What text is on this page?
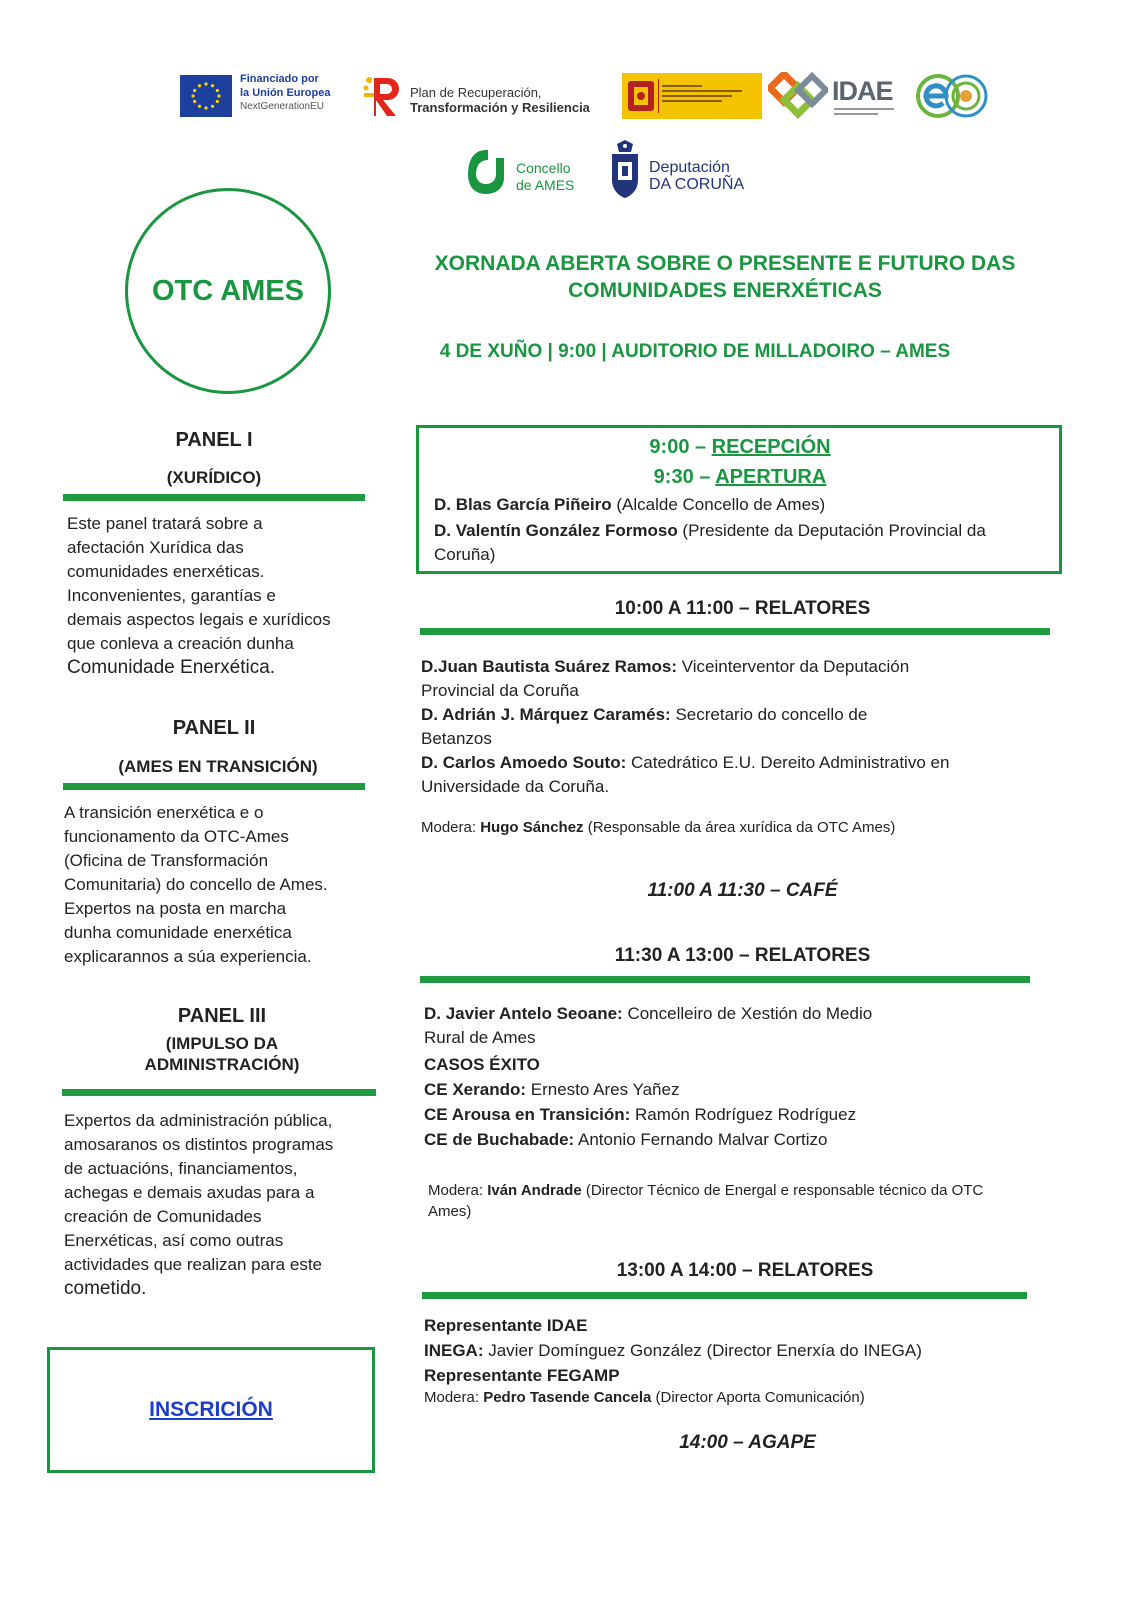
Financiado por
la Unión Europea
NextGenerationEU
Plan de Recuperación,
Transformación y Resiliencia
IDAE
Concello
de AMES
Deputación
DA CORUÑA
OTC AMES
XORNADA ABERTA SOBRE O PRESENTE E FUTURO DAS
COMUNIDADES ENERXÉTICAS
4 DE XUÑO | 9:00 | AUDITORIO DE MILLADOIRO – AMES
PANEL I
(XURÍDICO)

Este panel tratará sobre a

afectación Xurídica das

comunidades enerxéticas.

Inconvenientes, garantías e

demais aspectos legais e xurídicos

que conleva a creación dunha

Comunidade Enerxética.

PANEL II
(AMES EN TRANSICIÓN)

A transición enerxética e o

funcionamento da OTC-Ames

(Oficina de Transformación

Comunitaria) do concello de Ames.

Expertos na posta en marcha

dunha comunidade enerxética

explicarannos a súa experiencia.

PANEL III
(IMPULSO DA
ADMINISTRACIÓN)

Expertos da administración pública,

amosaranos os distintos programas

de actuacións, financiamentos,

achegas e demais axudas para a

creación de Comunidades

Enerxéticas, así como outras

actividades que realizan para este

cometido.

INSCRICIÓN
9:00 – RECEPCIÓN
9:30 – APERTURA

D. Blas García Piñeiro (Alcalde Concello de Ames)

D. Valentín González Formoso (Presidente da Deputación Provincial da

Coruña)

10:00 A 11:00 – RELATORES

D.Juan Bautista Suárez Ramos: Viceinterventor da Deputación

Provincial da Coruña

D. Adrián J. Márquez Caramés: Secretario do concello de

Betanzos

D. Carlos Amoedo Souto: Catedrático E.U. Dereito Administrativo en

Universidade da Coruña.

Modera: Hugo Sánchez (Responsable da área xurídica da OTC Ames)
11:00 A 11:30 – CAFÉ
11:30 A 13:00 – RELATORES

D. Javier Antelo Seoane: Concelleiro de Xestión do Medio

Rural de Ames

CASOS ÉXITO

CE Xerando: Ernesto Ares Yañez

CE Arousa en Transición: Ramón Rodríguez Rodríguez

CE de Buchabade: Antonio Fernando Malvar Cortizo

Modera: Iván Andrade (Director Técnico de Energal e responsable técnico da OTC

Ames)

13:00 A 14:00 – RELATORES

Representante IDAE

INEGA: Javier Domínguez González (Director Enerxía do INEGA)

Representante FEGAMP

Modera: Pedro Tasende Cancela (Director Aporta Comunicación)
14:00 – AGAPE
